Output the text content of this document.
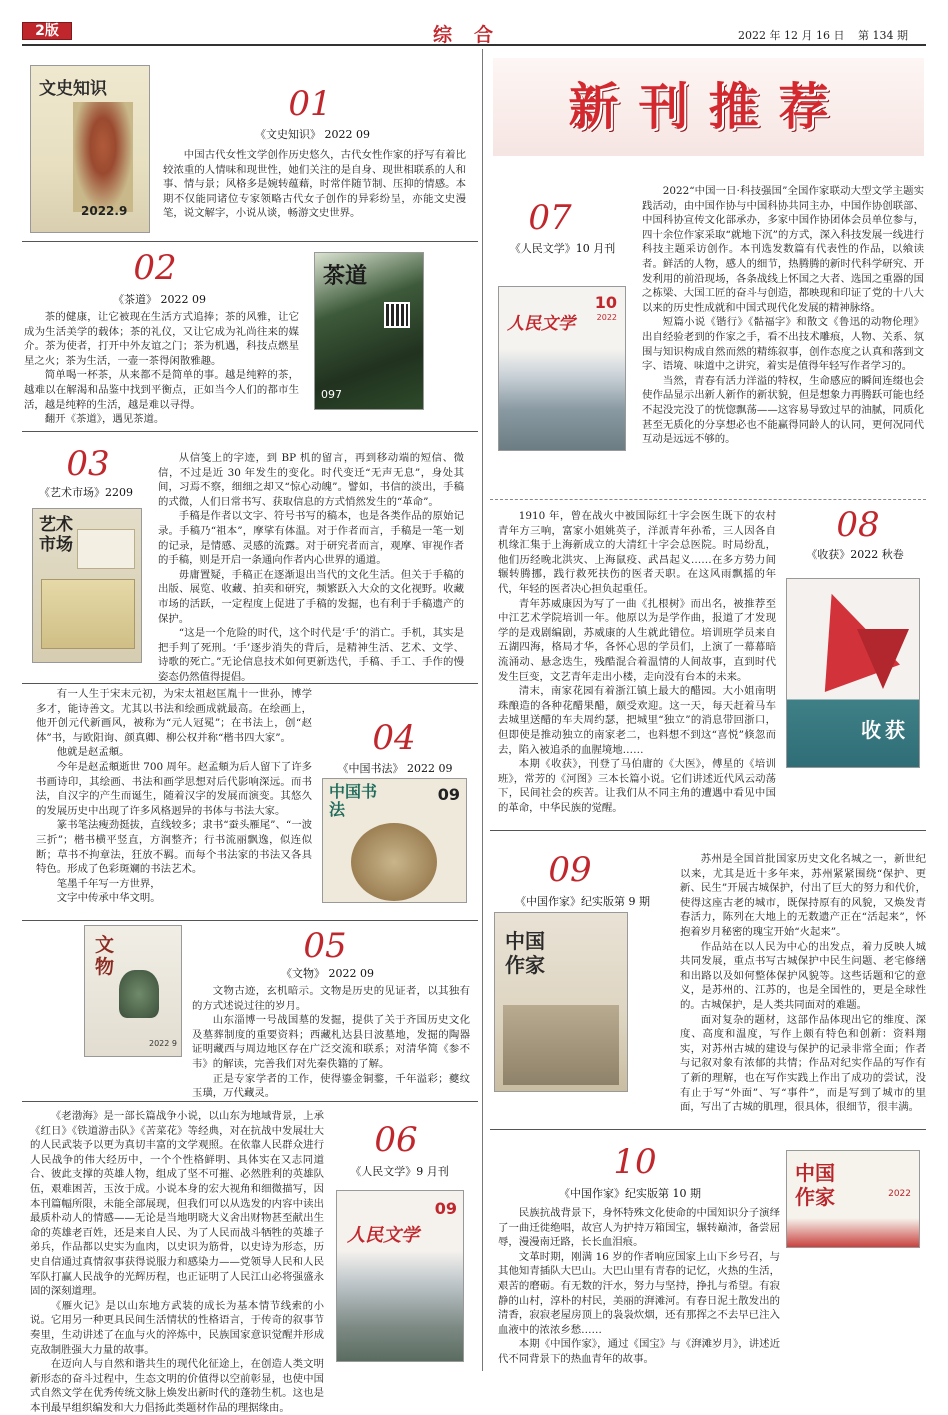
2版	综合	2022 年 12 月 16 日 第 134 期
新刊推荐
文史知识
2022.9
01
《文史知识》 2022 09

中国古代女性文学创作历史悠久，古代女性作家的抒写有着比较浓重的人情味和现世性，她们关注的是自身、现世相联系的人和事、情与景；风格多是婉转蕴藉，时常伴随节制、压抑的情感。本期不仅能同诸位专家领略古代女子创作的异彩纷呈，亦能文史漫笔，说文解字，小说从谈，畅游文史世界。

02
《茶道》 2022 09

茶的健康，让它被现在生活方式追捧；茶的风雅，让它成为生活美学的载体；茶的礼仪，又让它成为礼尚往来的媒介。茶为使者，打开中外友谊之门；茶为机遇，科技点燃星星之火；茶为生活，一壶一茶得闲散雅趣。

简单喝一杯茶，从来都不是简单的事。越是纯粹的茶，越难以在解渴和品鉴中找到平衡点，正如当今人们的都市生活，越是纯粹的生活，越是难以寻得。

翻开《茶道》，遇见茶道。

茶道
097
03
《艺术市场》2209
艺术市场

从信笺上的字迹，到 BP 机的留言，再到移动端的短信、微信，不过是近 30 年发生的变化。时代变迁“无声无息”，身处其间，习焉不察，细细之却又“惊心动魄”。譬如，书信的淡出，手稿的式微，人们日常书写、获取信息的方式悄然发生的“革命”。

手稿是作者以文字、符号书写的稿本，也是各类作品的原始记录。手稿乃“祖本”，摩挲有体温。对于作者而言，手稿是一笔一划的记录，是情感、灵感的流露。对于研究者而言，观摩、审视作者的手稿，则是开启一条通向作者内心世界的通道。

毋庸置疑，手稿正在逐渐退出当代的文化生活。但关于手稿的出版、展览、收藏、拍卖和研究，频繁跃入大众的文化视野。收藏市场的活跃，一定程度上促进了手稿的发掘，也有利于手稿遗产的保护。

“这是一个危险的时代，这个时代是‘手’的消亡。手机，其实是把手判了死刑。‘手’逐步消失的背后，是精神生活、艺术、文学、诗歌的死亡。”无论信息技术如何更新迭代，手稿、手工、手作的慢姿态仍然值得提倡。

有一人生于宋末元初，为宋太祖赵匡胤十一世孙，博学多才，能诗善文。尤其以书法和绘画成就最高。在绘画上，他开创元代新画风，被称为“元人冠冕”；在书法上，创“赵体”书，与欧阳询、颜真卿、柳公权并称“楷书四大家”。

他就是赵孟頫。

今年是赵孟頫逝世 700 周年。赵孟頫为后人留下了许多书画诗印，其绘画、书法和画学思想对后代影响深远。而书法，自汉字的产生而诞生，随着汉字的发展而演变。其悠久的发展历史中出现了许多风格迥异的书体与书法大家。

篆书笔法瘦劲挺拔，直线较多；隶书“蚕头雁尾”、“一波三折”；楷书横平竖直，方润整齐；行书流丽飘逸，似连似断；草书不拘章法，狂放不羁。而每个书法家的书法又各具特色。形成了色彩斑斓的书法艺术。

笔墨千年写一方世界，

文字中传承中华文明。

04
《中国书法》 2022 09
中国书法
09
文物
2022 9
05
《文物》 2022 09

文物古迹，玄机暗示。文物是历史的见证者，以其独有的方式述说过往的岁月。

山东淄博一号战国墓的发掘，提供了关于齐国历史文化及墓葬制度的重要资料；西藏札达县日波墓地，发掘的陶器证明藏西与周边地区存在广泛交流和联系；对清华简《参不韦》的解读，完善我们对先秦佚籍的了解。

正是专家学者的工作，使得鎏金铜鍪，千年溢彩；夔纹玉璜，万代藏灵。

《老渤海》是一部长篇战争小说，以山东为地域背景，上承《红日》《铁道游击队》《苦菜花》等经典，对在抗战中发展壮大的人民武装予以更为真切丰富的文学观照。在依靠人民群众进行人民战争的伟大经历中，一个个性格鲜明、具体实在又志同道合、彼此支撑的英雄人物，组成了坚不可摧、必然胜利的英雄队伍，艰难困苦，玉汝于成。小说本身的宏大视角和细微描写，因本刊篇幅所限，未能全部展现，但我们可以从选发的内容中读出最质朴动人的情感——无论是当地明晓大义舍出财物甚至献出生命的英雄老百姓，还是来自人民、为了人民而战斗牺牲的英雄子弟兵，作品都以史实为血肉，以史识为筋骨，以史诗为形态，历史自信通过真情叙事获得说服力和感染力——党领导人民和人民军队打赢人民战争的光辉历程，也正证明了人民江山必将强盛永固的深刻道理。

《雁火记》是以山东地方武装的成长为基本情节线索的小说。它用另一种更具民间生活情状的性格语言，于传奇的叙事节奏里，生动讲述了在血与火的淬炼中，民族国家意识觉醒并形成克敌制胜强大力量的故事。

在迈向人与自然和谐共生的现代化征途上，在创造人类文明新形态的奋斗过程中，生态文明的价值得以空前彰显，也使中国式自然文学在优秀传统文脉上焕发出新时代的蓬勃生机。这也是本刊最早组织编发和大力倡扬此类题材作品的理据缘由。

06
《人民文学》9 月刊
人民文学
09
07
《人民文学》10 月刊
人民文学
10
2022

2022“中国一日·科技强国”全国作家联动大型文学主题实践活动，由中国作协与中国科协共同主办，中国作协创联部、中国科协宣传文化部承办，多家中国作协团体会员单位参与，四十余位作家采取“就地下沉”的方式，深入科技发展一线进行科技主题采访创作。本刊选发数篇有代表性的作品，以飨读者。鲜活的人物，感人的细节，热腾腾的新时代科学研究、开发利用的前沿现场，各条战线上怀国之大者、选国之重器的国之栋梁、大国工匠的奋斗与创造，都映现和印证了党的十八大以来的历史性成就和中国式现代化发展的精神脉络。

短篇小说《锴行》《骷福字》和散文《鲁迅的动物伦理》出自经验老到的作家之手，看不出技术雕痕，人物、关系、氛围与知识构成自然而然的精练叙事，创作态度之认真和落到文字、语境、味道中之讲究，着实是值得年轻写作者学习的。

当然，青春有活力洋溢的特权，生命感应的瞬间连缀也会使作品显示出新人新作的新状貌，但是想象力再腾跃可能也经不起没完没了的恍惚飘荡——这容易导致过早的油腻，同质化甚至无质化的分享想必也不能赢得同龄人的认同，更何况同代互动是远远不够的。

1910 年，曾在战火中被国际红十字会医生既下的农村青年方三响，富家小姐姚英子，洋派青年孙希，三人因各自机缘汇集于上海新成立的大清红十字会总医院。时局纷乱，他们历经晚北洪灾、上海鼠疫、武昌起义……在多方势力间辗转腾挪，践行救死扶伤的医者天职。在这风雨飘摇的年代，年轻的医者决心担负起重任。

青年苏威康因为写了一曲《扎根树》而出名，被推荐至中江艺术学院培训一年。他原以为是学作曲，报道了才发现学的是戏剧编剧，苏威康的人生就此错位。培训班学员来自五湖四海，格局才华，各怀心思的学员们，上演了一幕幕暗流涌动、悬念迭生，残酷混合着温情的人间故事，直到时代发生巨变，文艺青年走出小楼，走向没有台本的未来。

清末，南家花园有着浙江镇上最大的醋园。大小姐南明珠酿造的各种花醋果醋，颇受欢迎。这一天，每天赶着马车去城里送醋的车夫周约瑟，把城里“独立”的消息带回浙口，但即使是推动独立的南家老二，也料想不到这“喜悦”倏忽而去，陷入被追杀的血腥境地……

本期《收获》，刊登了马伯庸的《大医》，傅星的《培训班》，常芳的《河图》三本长篇小说。它们讲述近代风云动荡下，民间社会的疾苦。让我们从不同主角的遭遇中看见中国的革命，中华民族的觉醒。

08
《收获》2022 秋卷
收获
09
《中国作家》纪实版第 9 期
中国作家

苏州是全国首批国家历史文化名城之一，新世纪以来，尤其是近十多年来，苏州紧紧围绕“保护、更新、民生”开展古城保护，付出了巨大的努力和代价，使得这座古老的城市，既保持原有的风貌，又焕发青春活力，陈列在大地上的无数遗产正在“活起来”，怀抱着岁月秘密的瑰宝开始“火起来”。

作品站在以人民为中心的出发点，着力反映人城共同发展，重点书写古城保护中民生问题、老宅修缮和出路以及如何整体保护风貌等。这些话题和它的意义，是苏州的、江苏的，也是全国性的，更是全球性的。古城保护，是人类共同面对的难题。

面对复杂的题材，这部作品体现出它的维度、深度、高度和温度，写作上颇有特色和创新：资料翔实，对苏州古城的建设与保护的记录非常全面；作者与记叙对象有浓郁的共情；作品对纪实作品的写作有了新的理解，也在写作实践上作出了成功的尝试，没有止于写“外面”、写“事件”，而是写到了城市的里面，写出了古城的肌理，很具体，很细节，很丰满。

10
《中国作家》纪实版第 10 期
中国作家	2022

民族抗战背景下，身怀特殊文化使命的中国知识分子演绎了一曲迁徙绝唱，故宫人为护持万箱国宝，辗转巅沛，备尝屈辱，漫漫南迁路，长长血泪痕。

文革时期，刚满 16 岁的作者响应国家上山下乡号召，与其他知青插队大巴山。大巴山里有青春的记忆，火热的生活，艰苦的磨砺。有无数的汗水，努力与坚持，挣扎与希望。有寂静的山村，淳朴的村民，美丽的湃滩河。有春日泥土散发出的清香，寂寂老屋房顶上的袅袅炊烟，还有那挥之不去早已注入血液中的浓浓乡愁……

本期《中国作家》，通过《国宝》与《湃滩岁月》，讲述近代不同背景下的热血青年的故事。
